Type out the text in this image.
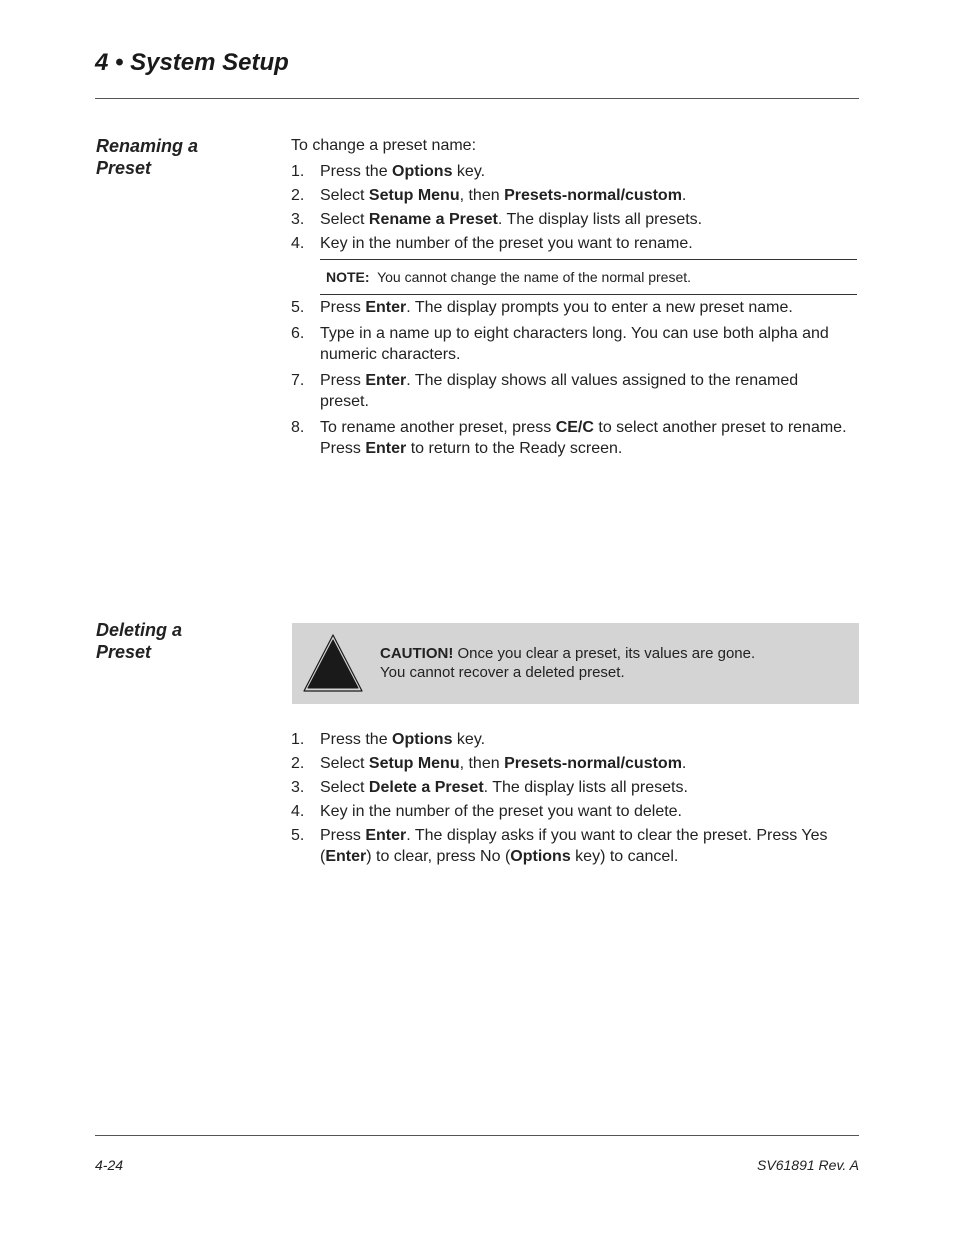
4 • System Setup
Renaming a
Preset
To change a preset name:
1. Press the Options key.
2. Select Setup Menu, then Presets-normal/custom.
3. Select Rename a Preset. The display lists all presets.
4. Key in the number of the preset you want to rename.
NOTE: You cannot change the name of the normal preset.
5. Press Enter. The display prompts you to enter a new preset name.
6. Type in a name up to eight characters long. You can use both alpha and numeric characters.
7. Press Enter. The display shows all values assigned to the renamed preset.
8. To rename another preset, press CE/C to select another preset to rename. Press Enter to return to the Ready screen.
Deleting a
Preset	CAUTION! Once you clear a preset, its values are gone.
You cannot recover a deleted preset.
1. Press the Options key.
2. Select Setup Menu, then Presets-normal/custom.
3. Select Delete a Preset. The display lists all presets.
4. Key in the number of the preset you want to delete.
5. Press Enter. The display asks if you want to clear the preset. Press Yes (Enter) to clear, press No (Options key) to cancel.
4-24	SV61891 Rev. A
